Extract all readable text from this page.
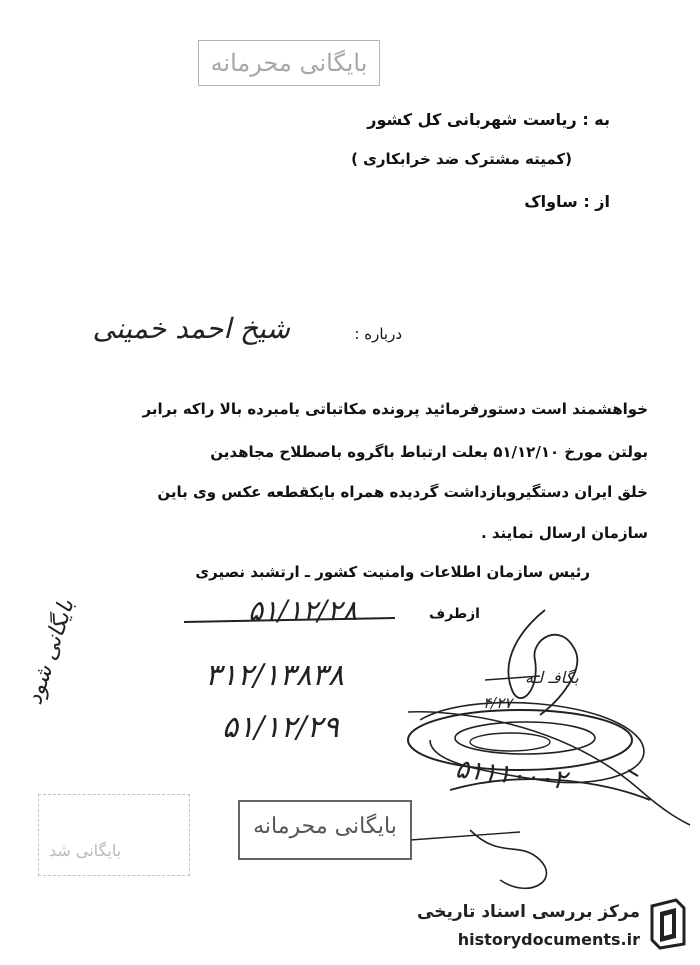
بایگانی محرمانه
به : ریاست شهربانی کل کشور
(کمیته مشترک ضد خرابکاری )
از : ساواک
درباره :
شیخ احمد خمینی
خواهشمند است دستورفرمائید پرونده مکاتباتی یامبرده بالا راکه برابر
بولتن مورخ ۵۱/۱۲/۱۰ بعلت ارتباط باگروه باصطلاح مجاهدین
خلق ایران دستگیروبازداشت گردیده همراه بایکقطعه عکس وی باین
سازمان ارسال نمایند .
رئیس سازمان اطلاعات وامنیت کشور ـ ارتشبد نصیری
ازطرف
۵۱/۱۲/۲۸
۳۱۲/۱۳۸۳۸
۵۱/۱۲/۲۹
بایگانی شود	۴/۲۷
بگافـ لـه
۵۱۱۱۰۰۰۲
بایگانی شد
بایگانی محرمانه
مرکز بررسی اسناد تاریخی
historydocuments.ir
